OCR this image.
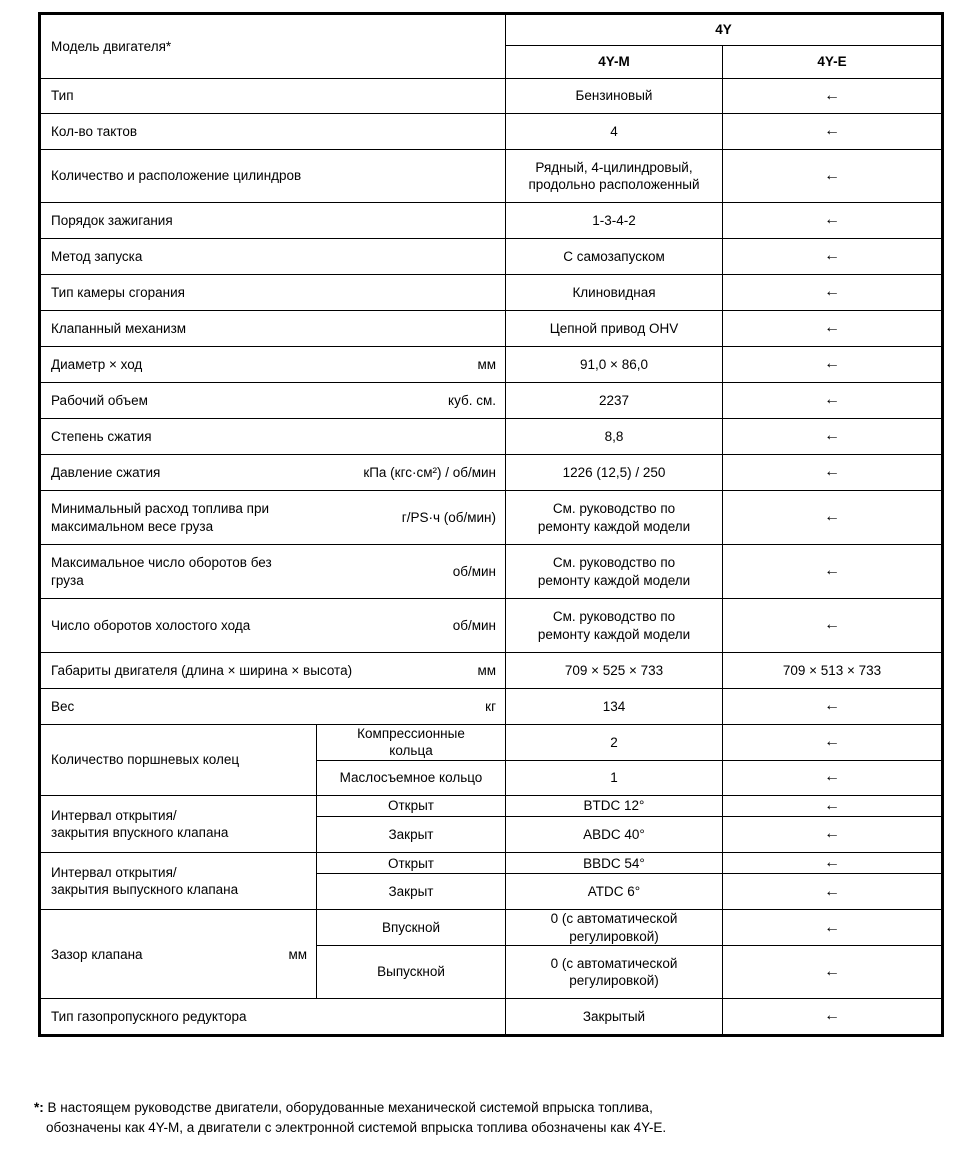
Модель двигателя*		4Y	
		4Y-M	4Y-E

Тип		Бензиновый	←

Кол-во тактов		4	←

Количество и расположение цилиндров		Рядный, 4-цилиндровый,
продольно расположенный	←

Порядок зажигания		1-3-4-2	←

Метод запуска		С самозапуском	←

Тип камеры сгорания		Клиновидная	←

Клапанный механизм		Цепной привод OHV	←

Диаметр × ход мм		91,0 × 86,0	←

Рабочий объем куб. см.		2237	←

Степень сжатия		8,8	←

Давление сжатия кПа (кгс·см²) / об/мин		1226 (12,5) / 250	←

Минимальный расход топлива при
максимальном весе груза
г/PS·ч (об/мин)		См. руководство по
ремонту каждой модели	←

Максимальное число оборотов без
груза
об/мин		См. руководство по
ремонту каждой модели	←

Число оборотов холостого хода об/мин		См. руководство по
ремонту каждой модели	←

Габариты двигателя (длина × ширина × высота) мм		709 × 525 × 733	709 × 513 × 733

Вес кг		134	←

Количество поршневых колец	Компрессионные
кольца	2	←
	Маслосъемное кольцо	1	←

Интервал открытия/
закрытия впускного клапана	Открыт	BTDC 12°	←
	Закрыт	ABDC 40°	←

Интервал открытия/
закрытия выпускного клапана	Открыт	BBDC 54°	←
	Закрыт	ATDC 6°	←

Зазор клапана мм	Впускной	0 (с автоматической
регулировкой)	←
	Выпускной	0 (с автоматической
регулировкой)	←

Тип газопропускного редуктора		Закрытый	←
*: В настоящем руководстве двигатели, оборудованные механической системой впрыска топлива,
обозначены как 4Y-M, а двигатели с электронной системой впрыска топлива обозначены как 4Y-E.
